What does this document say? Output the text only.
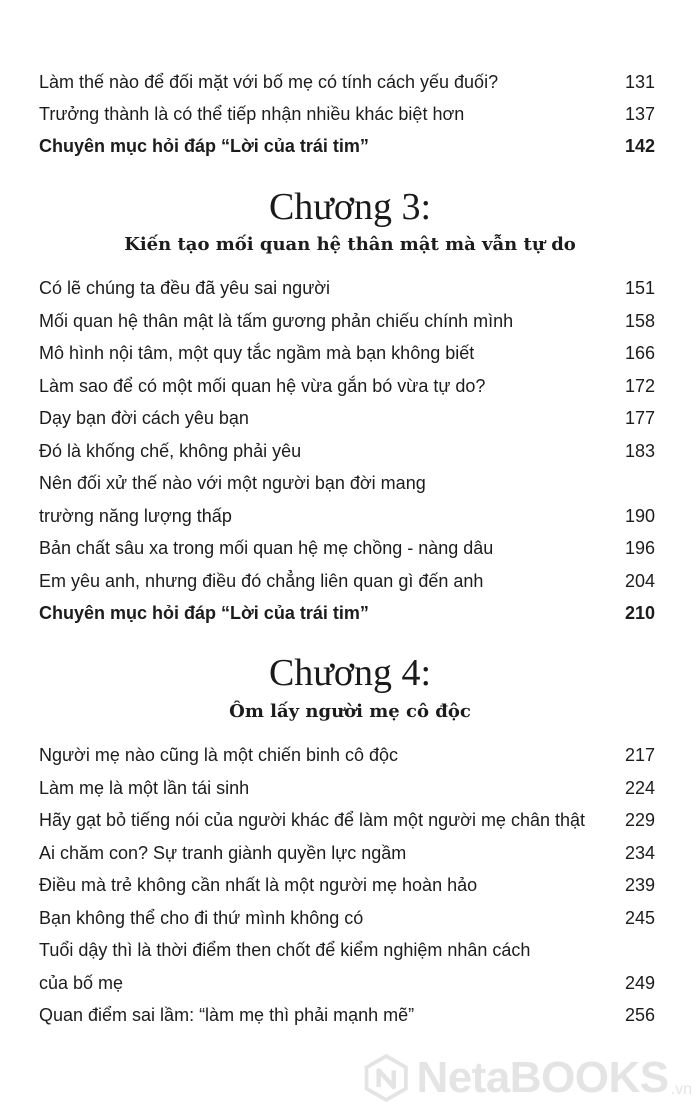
Làm thế nào để đối mặt với bố mẹ có tính cách yếu đuối?	131
Trưởng thành là có thể tiếp nhận nhiều khác biệt hơn	137
Chuyên mục hỏi đáp “Lời của trái tim”	142
Chương 3:
Kiến tạo mối quan hệ thân mật mà vẫn tự do
Có lẽ chúng ta đều đã yêu sai người	151
Mối quan hệ thân mật là tấm gương phản chiếu chính mình	158
Mô hình nội tâm, một quy tắc ngầm mà bạn không biết	166
Làm sao để có một mối quan hệ vừa gắn bó vừa tự do?	172
Dạy bạn đời cách yêu bạn	177
Đó là khống chế, không phải yêu	183
Nên đối xử thế nào với một người bạn đời mang
trường năng lượng thấp	190
Bản chất sâu xa trong mối quan hệ mẹ chồng - nàng dâu	196
Em yêu anh, nhưng điều đó chẳng liên quan gì đến anh	204
Chuyên mục hỏi đáp “Lời của trái tim”	210
Chương 4:
Ôm lấy người mẹ cô độc
Người mẹ nào cũng là một chiến binh cô độc	217
Làm mẹ là một lần tái sinh	224
Hãy gạt bỏ tiếng nói của người khác để làm một người mẹ chân thật 229
Ai chăm con? Sự tranh giành quyền lực ngầm	234
Điều mà trẻ không cần nhất là một người mẹ hoàn hảo	239
Bạn không thể cho đi thứ mình không có	245
Tuổi dậy thì là thời điểm then chốt để kiểm nghiệm nhân cách
của bố mẹ	249
Quan điểm sai lầm: “làm mẹ thì phải mạnh mẽ”	256
NetaBOOKS .vn
